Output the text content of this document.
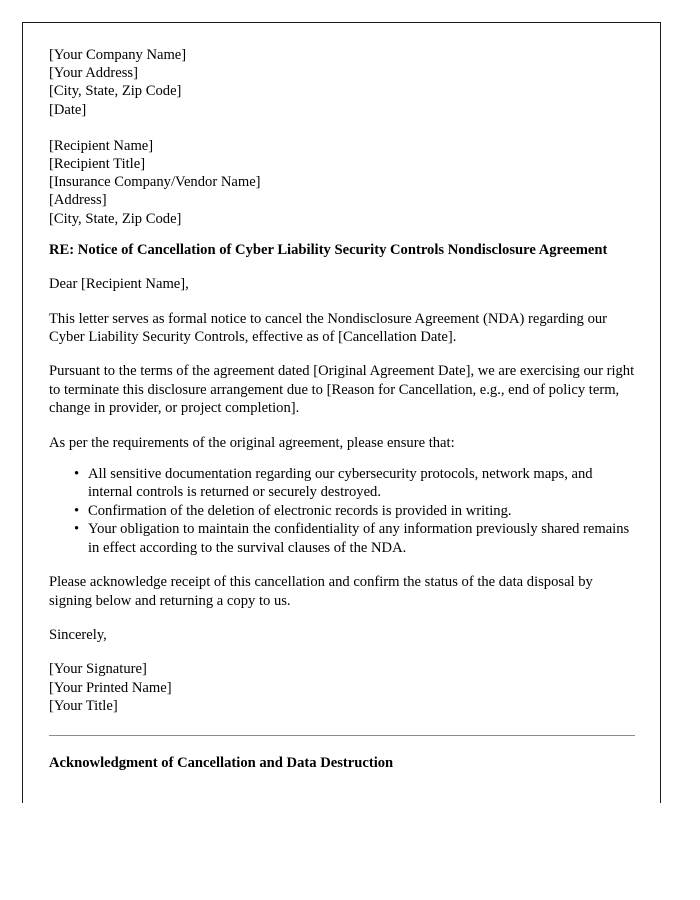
[Your Company Name]
[Your Address]
[City, State, Zip Code]
[Date]
[Recipient Name]
[Recipient Title]
[Insurance Company/Vendor Name]
[Address]
[City, State, Zip Code]

RE: Notice of Cancellation of Cyber Liability Security Controls Nondisclosure Agreement

Dear [Recipient Name],

This letter serves as formal notice to cancel the Nondisclosure Agreement (NDA) regarding our Cyber Liability Security Controls, effective as of [Cancellation Date].

Pursuant to the terms of the agreement dated [Original Agreement Date], we are exercising our right to terminate this disclosure arrangement due to [Reason for Cancellation, e.g., end of policy term, change in provider, or project completion].

As per the requirements of the original agreement, please ensure that:

• All sensitive documentation regarding our cybersecurity protocols, network maps, and internal controls is returned or securely destroyed.
• Confirmation of the deletion of electronic records is provided in writing.
• Your obligation to maintain the confidentiality of any information previously shared remains in effect according to the survival clauses of the NDA.

Please acknowledge receipt of this cancellation and confirm the status of the data disposal by signing below and returning a copy to us.

Sincerely,

[Your Signature]
[Your Printed Name]
[Your Title]

Acknowledgment of Cancellation and Data Destruction
